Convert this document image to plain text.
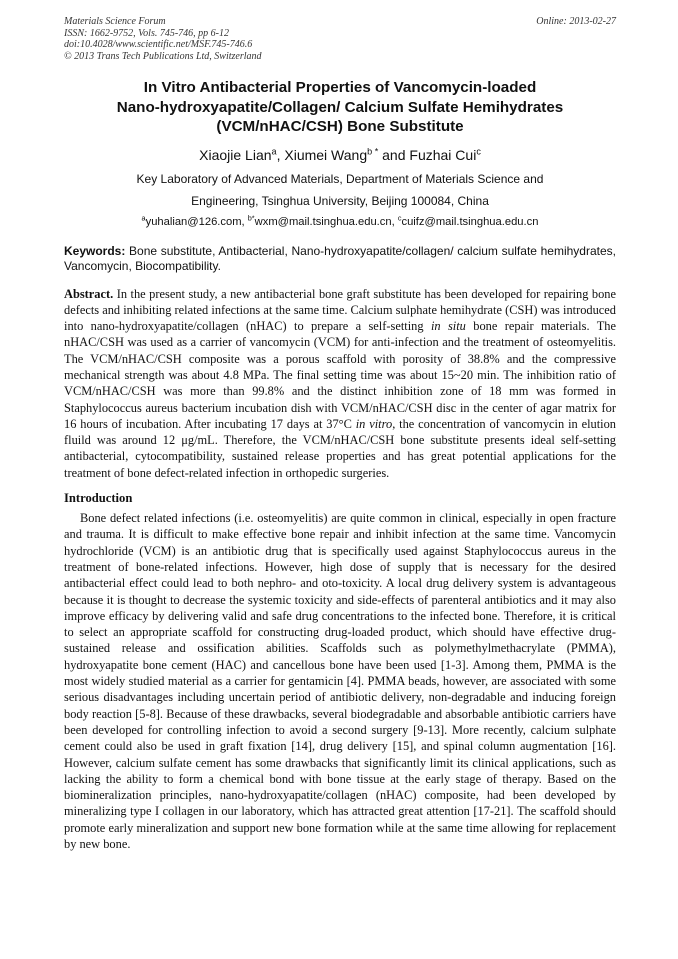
Materials Science Forum
ISSN: 1662-9752, Vols. 745-746, pp 6-12
doi:10.4028/www.scientific.net/MSF.745-746.6
© 2013 Trans Tech Publications Ltd, Switzerland
Online: 2013-02-27
In Vitro Antibacterial Properties of Vancomycin-loaded
Nano-hydroxyapatite/Collagen/ Calcium Sulfate Hemihydrates
(VCM/nHAC/CSH) Bone Substitute
Xiaojie Lian$^a$, Xiumei Wang$^{b *}$ and Fuzhai Cui$^c$
Key Laboratory of Advanced Materials, Department of Materials Science and
Engineering, Tsinghua University, Beijing 100084, China
$^a$yuhalian@126.com, $^{b*}$wxm@mail.tsinghua.edu.cn, $^c$cuifz@mail.tsinghua.edu.cn
Keywords: Bone substitute, Antibacterial, Nano-hydroxyapatite/collagen/ calcium sulfate hemihydrates, Vancomycin, Biocompatibility.
Abstract. In the present study, a new antibacterial bone graft substitute has been developed for repairing bone defects and inhibiting related infections at the same time. Calcium sulphate hemihydrate (CSH) was introduced into nano-hydroxyapatite/collagen (nHAC) to prepare a self-setting in situ bone repair materials. The nHAC/CSH was used as a carrier of vancomycin (VCM) for anti-infection and the treatment of osteomyelitis. The VCM/nHAC/CSH composite was a porous scaffold with porosity of 38.8% and the compressive mechanical strength was about 4.8 MPa. The final setting time was about 15~20 min. The inhibition ratio of VCM/nHAC/CSH was more than 99.8% and the distinct inhibition zone of 18 mm was formed in Staphylococcus aureus bacterium incubation dish with VCM/nHAC/CSH disc in the center of agar matrix for 16 hours of incubation. After incubating 17 days at 37°C in vitro, the concentration of vancomycin in elution fluild was around 12 μg/mL. Therefore, the VCM/nHAC/CSH bone substitute presents ideal self-setting antibacterial, cytocompatibility, sustained release properties and has great potential applications for the treatment of bone defect-related infection in orthopedic surgeries.
Introduction

Bone defect related infections (i.e. osteomyelitis) are quite common in clinical, especially in open fracture and trauma. It is difficult to make effective bone repair and inhibit infection at the same time. Vancomycin hydrochloride (VCM) is an antibiotic drug that is specifically used against Staphylococcus aureus in the treatment of bone-related infections. However, high dose of supply that is necessary for the desired antibacterial effect could lead to both nephro- and oto-toxicity. A local drug delivery system is advantageous because it is thought to decrease the systemic toxicity and side-effects of parenteral antibiotics and it may also improve efficacy by delivering valid and safe drug concentrations to the infected bone. Therefore, it is critical to select an appropriate scaffold for constructing drug-loaded product, which should have effective drug-sustained release and ossification abilities. Scaffolds such as polymethylmethacrylate (PMMA), hydroxyapatite bone cement (HAC) and cancellous bone have been used [1-3]. Among them, PMMA is the most widely studied material as a carrier for gentamicin [4]. PMMA beads, however, are associated with some serious disadvantages including uncertain period of antibiotic delivery, non-degradable and inducing foreign body reaction [5-8]. Because of these drawbacks, several biodegradable and absorbable antibiotic carriers have been developed for controlling infection to avoid a second surgery [9-13]. More recently, calcium sulphate cement could also be used in graft fixation [14], drug delivery [15], and spinal column augmentation [16]. However, calcium sulfate cement has some drawbacks that significantly limit its clinical applications, such as lacking the ability to form a chemical bond with bone tissue at the early stage of therapy. Based on the biomineralization principles, nano-hydroxyapatite/collagen (nHAC) composite, had been developed by mineralizing type I collagen in our laboratory, which has attracted great attention [17-21]. The scaffold should promote early mineralization and support new bone formation while at the same time allowing for replacement by new bone.
